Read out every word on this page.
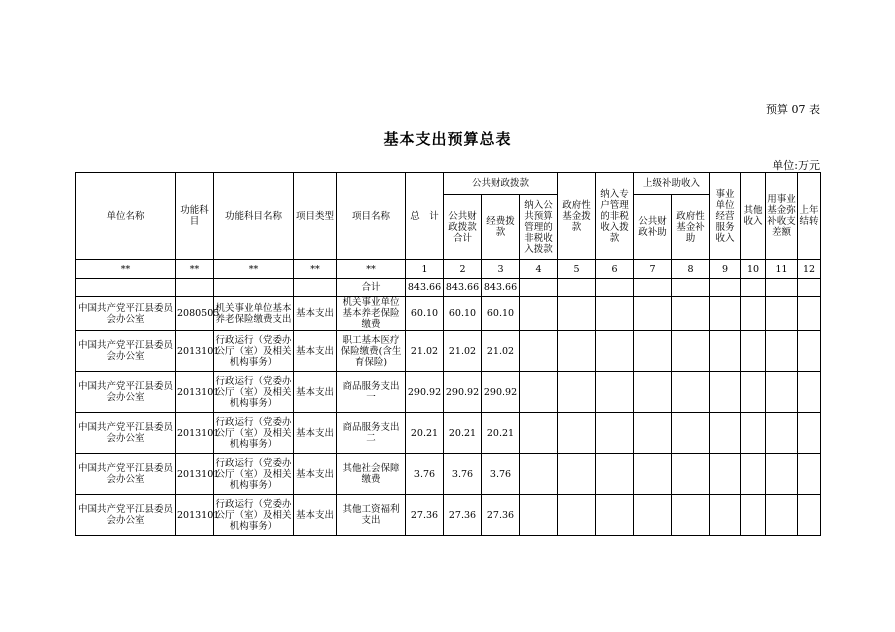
预算 07 表
基本支出预算总表
单位:万元
单位名称	功能科目	功能科目名称	项目类型	项目名称	总　计	公共财政拨款			政府性基金拨款	纳入专户管理的非税收入拨款	上级补助收入		事业单位经营服务收入	其他收入	用事业基金弥补收支差额	上年结转
						公共财政拨款合计	经费拨款	纳入公共预算管理的非税收入拨款			公共财政补助	政府性基金补助				
**	**	**	**	**	1	2	3	4	5	6	7	8	9	10	11	12
				合计	843.66	843.66	843.66									
中国共产党平江县委员会办公室	2080505	机关事业单位基本养老保险缴费支出	基本支出	机关事业单位基本养老保险缴费	60.10	60.10	60.10									
中国共产党平江县委员会办公室	2013101	行政运行（党委办公厅（室）及相关机构事务）	基本支出	职工基本医疗保险缴费(含生育保险)	21.02	21.02	21.02									
中国共产党平江县委员会办公室	2013101	行政运行（党委办公厅（室）及相关机构事务）	基本支出	商品服务支出一	290.92	290.92	290.92									
中国共产党平江县委员会办公室	2013101	行政运行（党委办公厅（室）及相关机构事务）	基本支出	商品服务支出二	20.21	20.21	20.21									
中国共产党平江县委员会办公室	2013101	行政运行（党委办公厅（室）及相关机构事务）	基本支出	其他社会保障缴费	3.76	3.76	3.76									
中国共产党平江县委员会办公室	2013101	行政运行（党委办公厅（室）及相关机构事务）	基本支出	其他工资福利支出	27.36	27.36	27.36									
